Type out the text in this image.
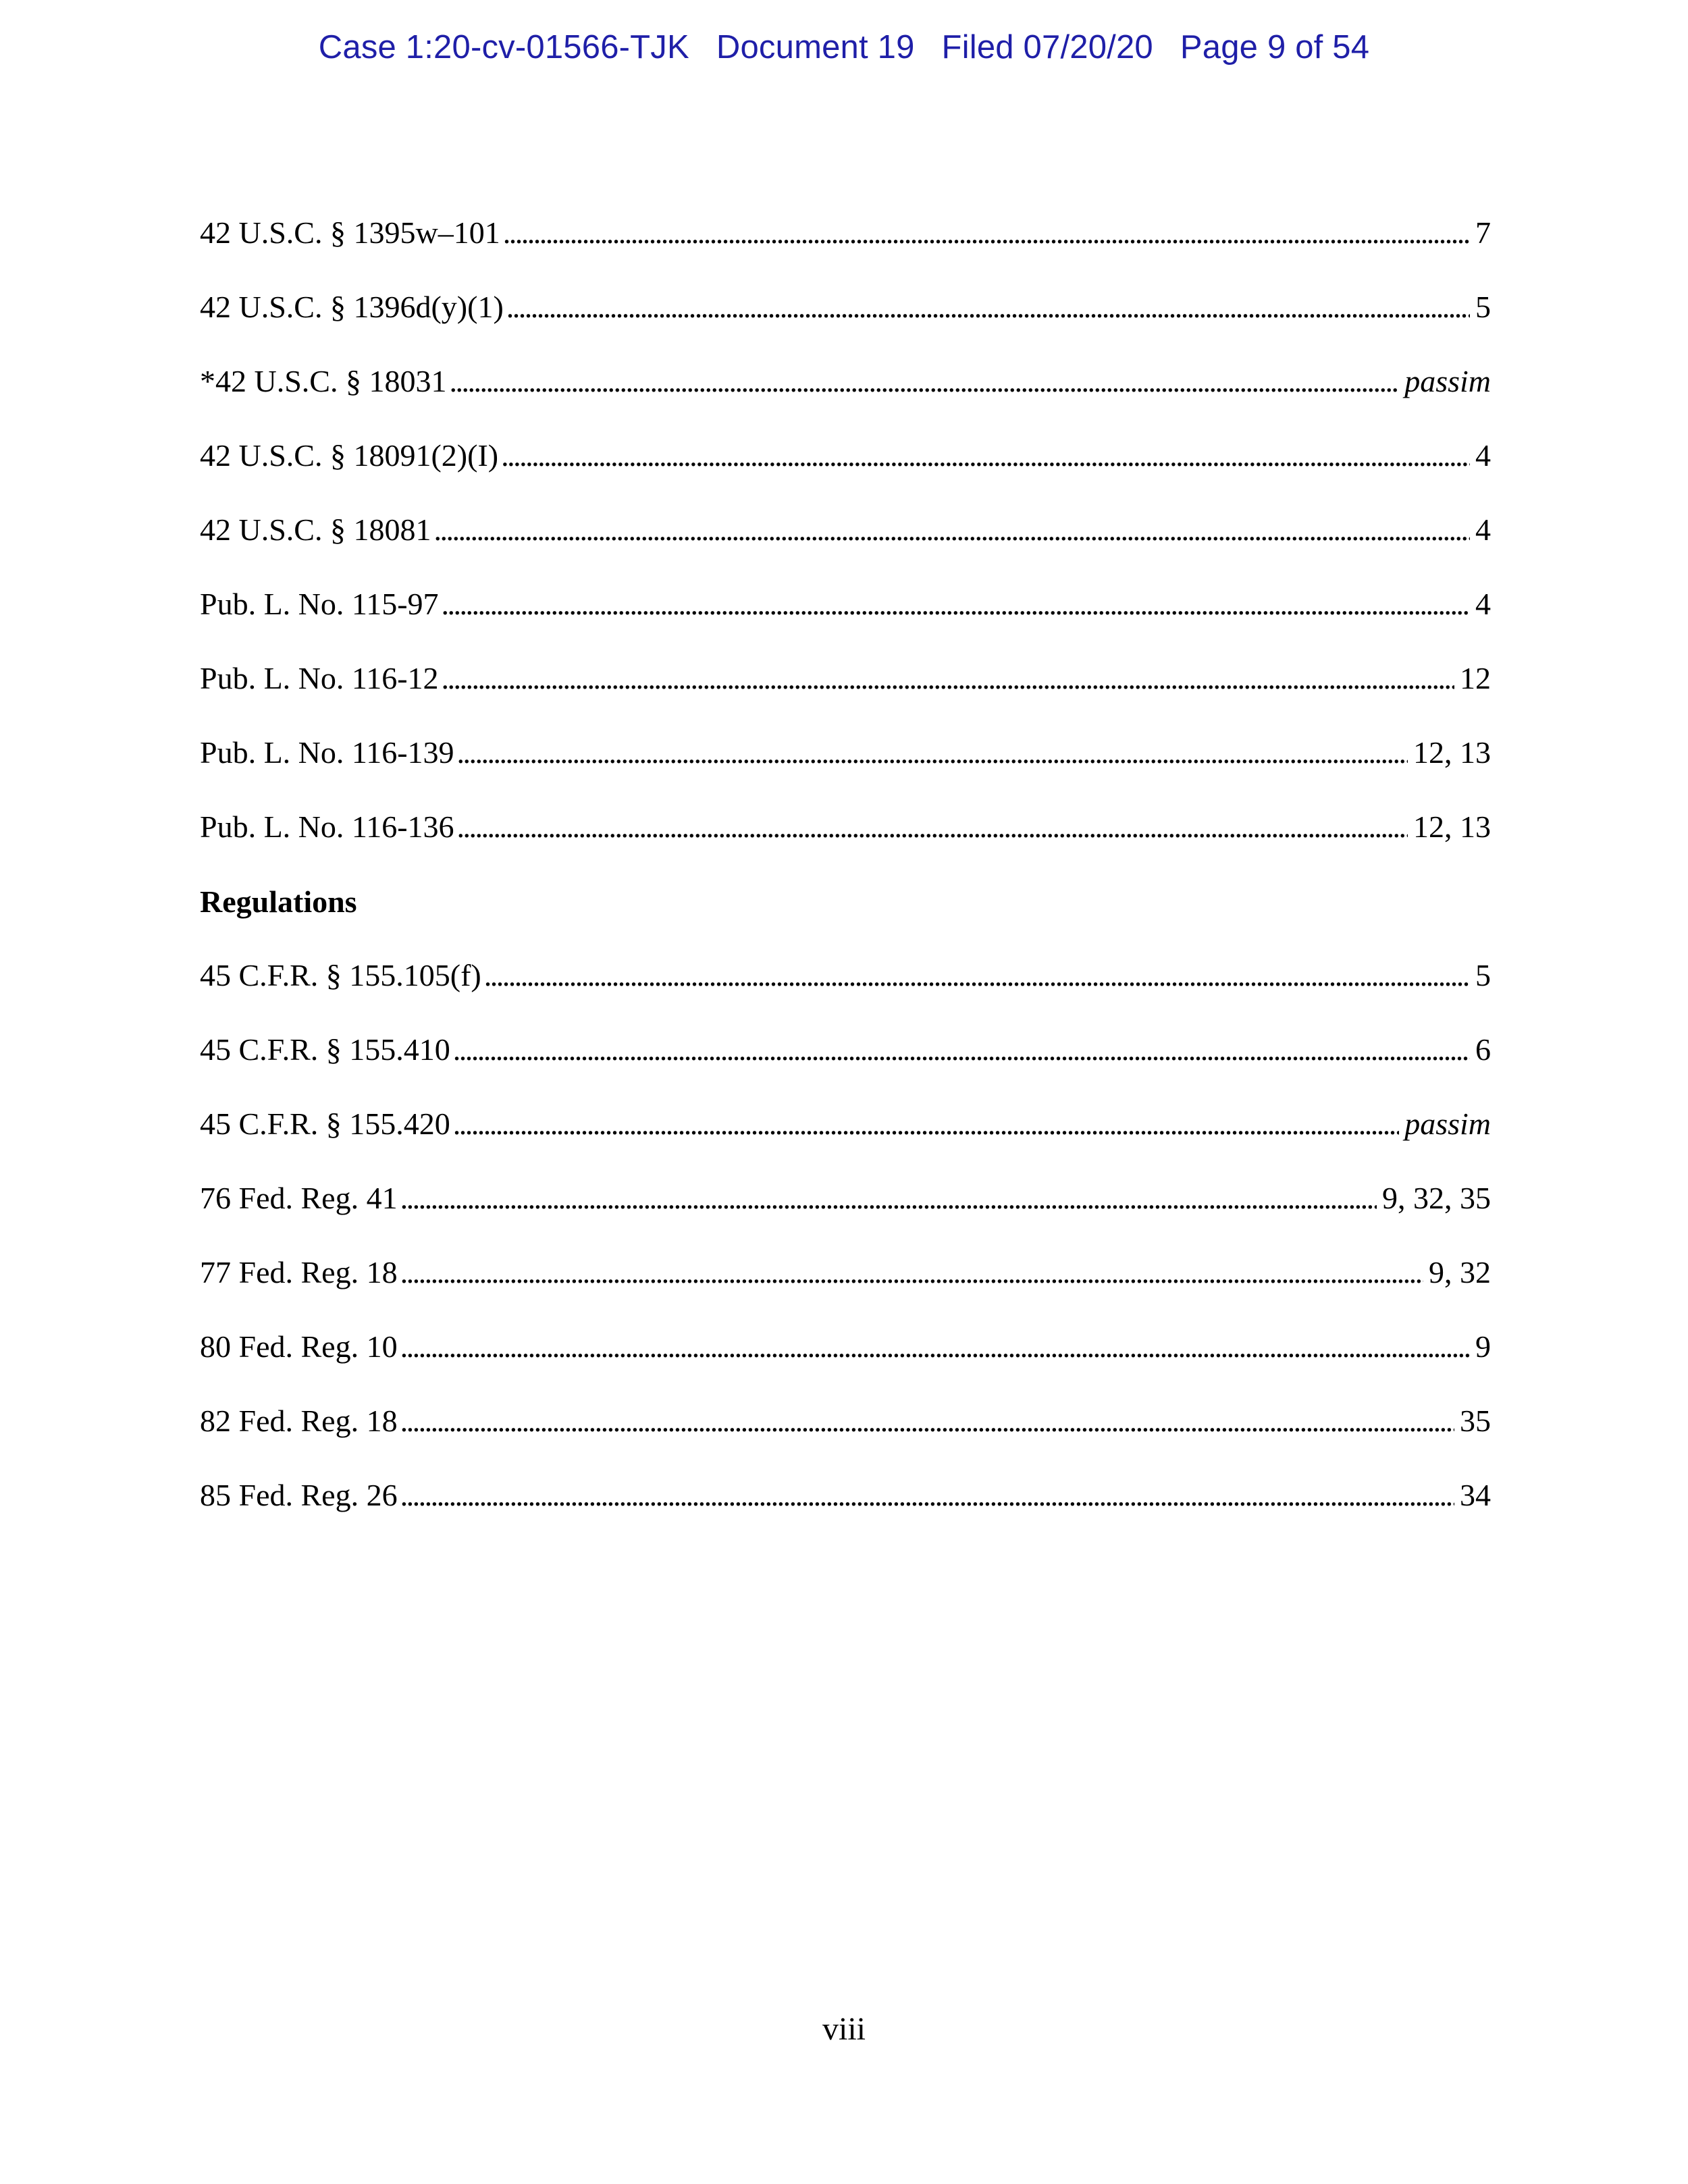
Case 1:20-cv-01566-TJK Document 19 Filed 07/20/20 Page 9 of 54
42 U.S.C. § 1395w–101 . . .	7
42 U.S.C. § 1396d(y)(1) . . .	5
*42 U.S.C. § 18031 . . .	passim
42 U.S.C. § 18091(2)(I) . . .	4
42 U.S.C. § 18081 . . .	4
Pub. L. No. 115-97 . . .	4
Pub. L. No. 116-12 . . .	12
Pub. L. No. 116-139 . . .	12, 13
Pub. L. No. 116-136 . . .	12, 13
Regulations
45 C.F.R. § 155.105(f) . . .	5
45 C.F.R. § 155.410 . . .	6
45 C.F.R. § 155.420 . . .	passim
76 Fed. Reg. 41 . . .	9, 32, 35
77 Fed. Reg. 18 . . .	9, 32
80 Fed. Reg. 10 . . .	9
82 Fed. Reg. 18 . . .	35
85 Fed. Reg. 26 . . .	34
viii
